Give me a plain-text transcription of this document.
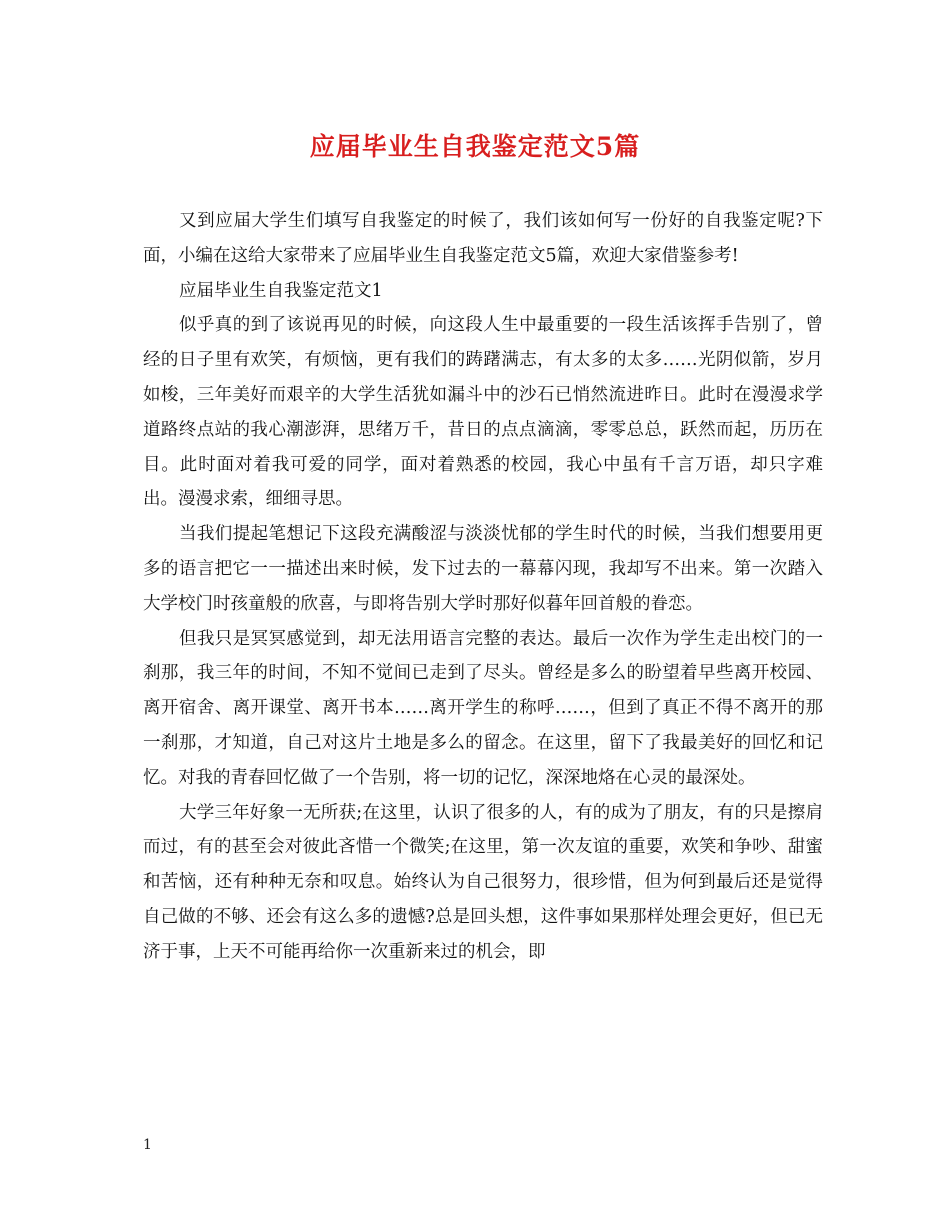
应届毕业生自我鉴定范文5篇

又到应届大学生们填写自我鉴定的时候了，我们该如何写一份好的自我鉴定呢?下面，小编在这给大家带来了应届毕业生自我鉴定范文5篇，欢迎大家借鉴参考!

应届毕业生自我鉴定范文1

似乎真的到了该说再见的时候，向这段人生中最重要的一段生活该挥手告别了，曾经的日子里有欢笑，有烦恼，更有我们的踌躇满志，有太多的太多……光阴似箭，岁月如梭，三年美好而艰辛的大学生活犹如漏斗中的沙石已悄然流进昨日。此时在漫漫求学道路终点站的我心潮澎湃，思绪万千，昔日的点点滴滴，零零总总，跃然而起，历历在目。此时面对着我可爱的同学，面对着熟悉的校园，我心中虽有千言万语，却只字难出。漫漫求索，细细寻思。

当我们提起笔想记下这段充满酸涩与淡淡忧郁的学生时代的时候，当我们想要用更多的语言把它一一描述出来时候，发下过去的一幕幕闪现，我却写不出来。第一次踏入大学校门时孩童般的欣喜，与即将告别大学时那好似暮年回首般的眷恋。

但我只是冥冥感觉到，却无法用语言完整的表达。最后一次作为学生走出校门的一刹那，我三年的时间，不知不觉间已走到了尽头。曾经是多么的盼望着早些离开校园、离开宿舍、离开课堂、离开书本……离开学生的称呼……，但到了真正不得不离开的那一刹那，才知道，自己对这片土地是多么的留念。在这里，留下了我最美好的回忆和记忆。对我的青春回忆做了一个告别，将一切的记忆，深深地烙在心灵的最深处。

大学三年好象一无所获;在这里，认识了很多的人，有的成为了朋友，有的只是擦肩而过，有的甚至会对彼此吝惜一个微笑;在这里，第一次友谊的重要，欢笑和争吵、甜蜜和苦恼，还有种种无奈和叹息。始终认为自己很努力，很珍惜，但为何到最后还是觉得自己做的不够、还会有这么多的遗憾?总是回头想，这件事如果那样处理会更好，但已无济于事，上天不可能再给你一次重新来过的机会，即

1
